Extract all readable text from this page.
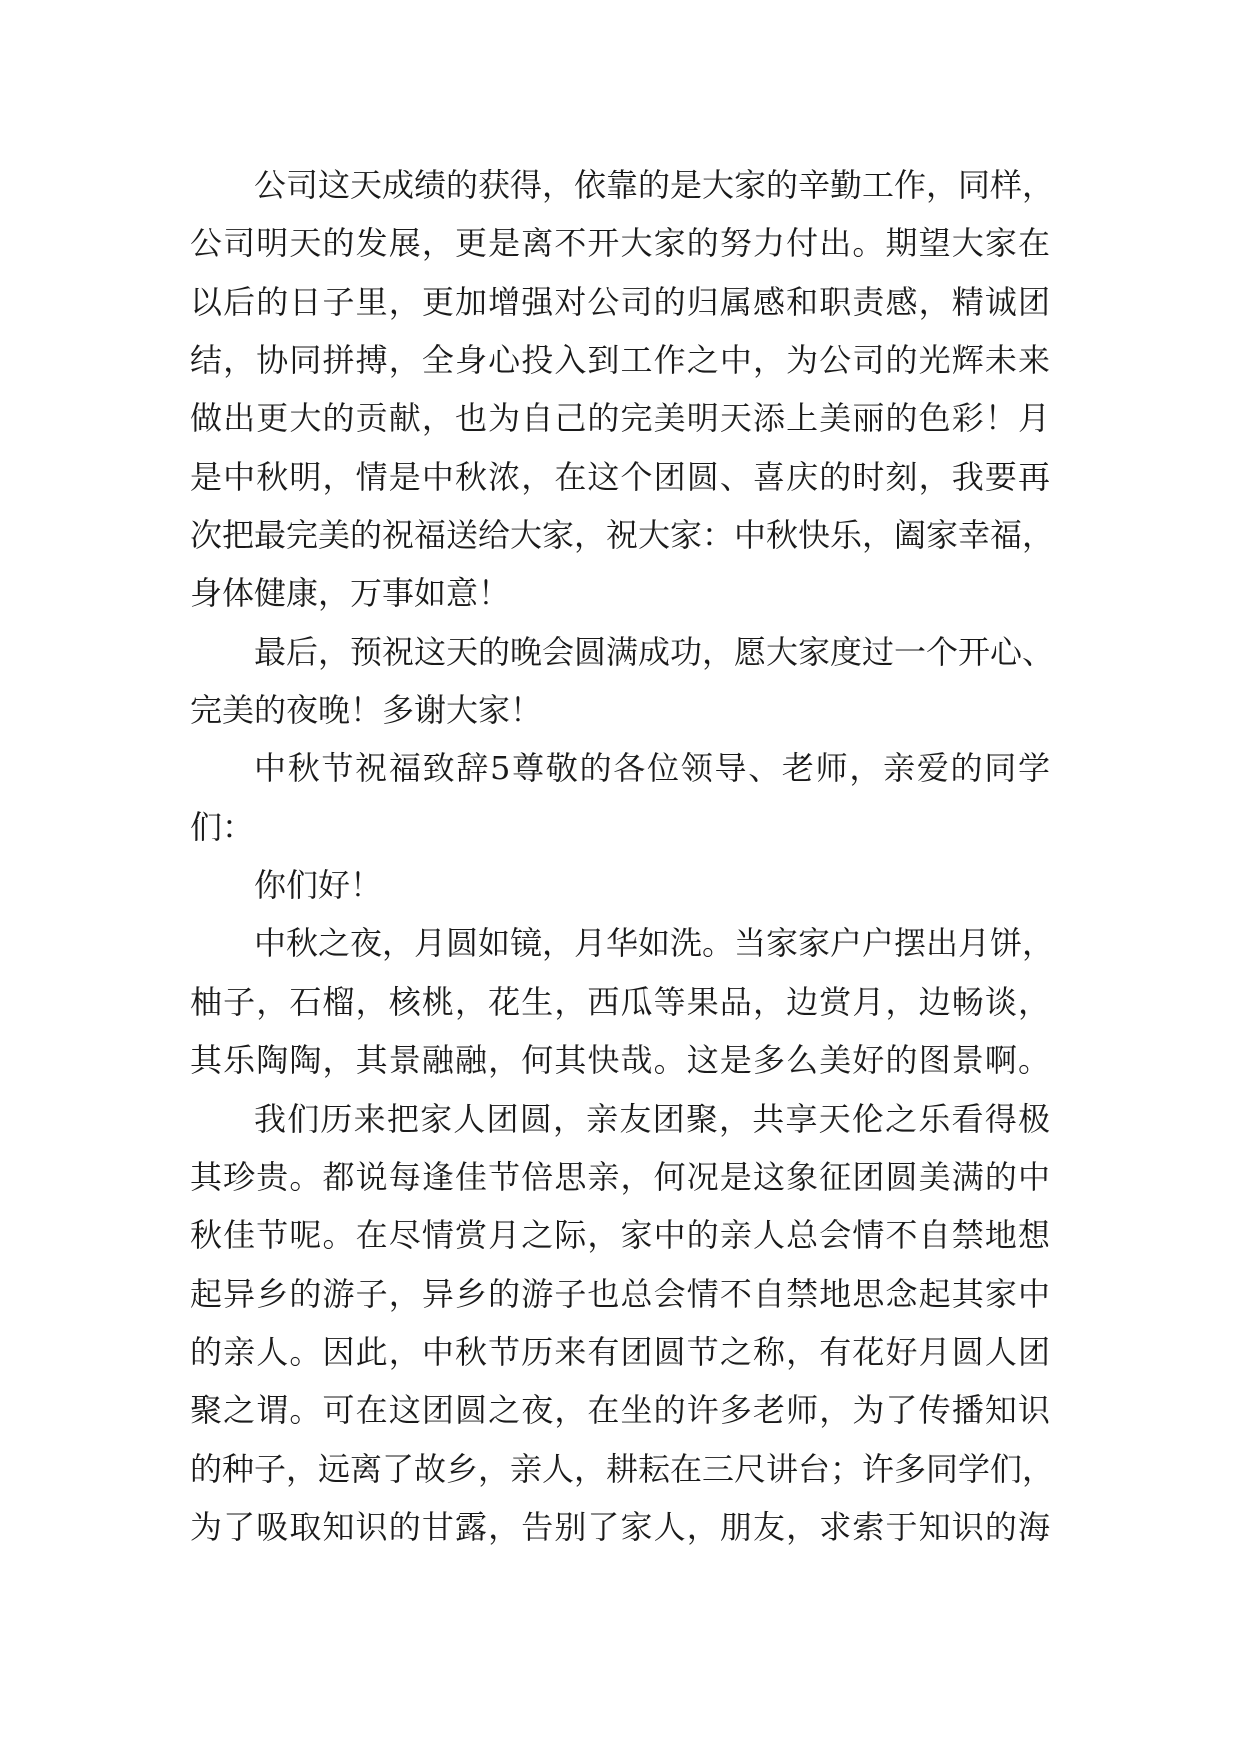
公司这天成绩的获得，依靠的是大家的辛勤工作，同样，
公司明天的发展，更是离不开大家的努力付出。期望大家在
以后的日子里，更加增强对公司的归属感和职责感，精诚团
结，协同拼搏，全身心投入到工作之中，为公司的光辉未来
做出更大的贡献，也为自己的完美明天添上美丽的色彩！月
是中秋明，情是中秋浓，在这个团圆、喜庆的时刻，我要再
次把最完美的祝福送给大家，祝大家：中秋快乐，阖家幸福，
身体健康，万事如意！
最后，预祝这天的晚会圆满成功，愿大家度过一个开心、
完美的夜晚！多谢大家！
中秋节祝福致辞5尊敬的各位领导、老师，亲爱的同学
们：
你们好！
中秋之夜，月圆如镜，月华如洗。当家家户户摆出月饼，
柚子，石榴，核桃，花生，西瓜等果品，边赏月，边畅谈，
其乐陶陶，其景融融，何其快哉。这是多么美好的图景啊。
我们历来把家人团圆，亲友团聚，共享天伦之乐看得极
其珍贵。都说每逢佳节倍思亲，何况是这象征团圆美满的中
秋佳节呢。在尽情赏月之际，家中的亲人总会情不自禁地想
起异乡的游子，异乡的游子也总会情不自禁地思念起其家中
的亲人。因此，中秋节历来有团圆节之称，有花好月圆人团
聚之谓。可在这团圆之夜，在坐的许多老师，为了传播知识
的种子，远离了故乡，亲人，耕耘在三尺讲台；许多同学们，
为了吸取知识的甘露，告别了家人，朋友，求索于知识的海
